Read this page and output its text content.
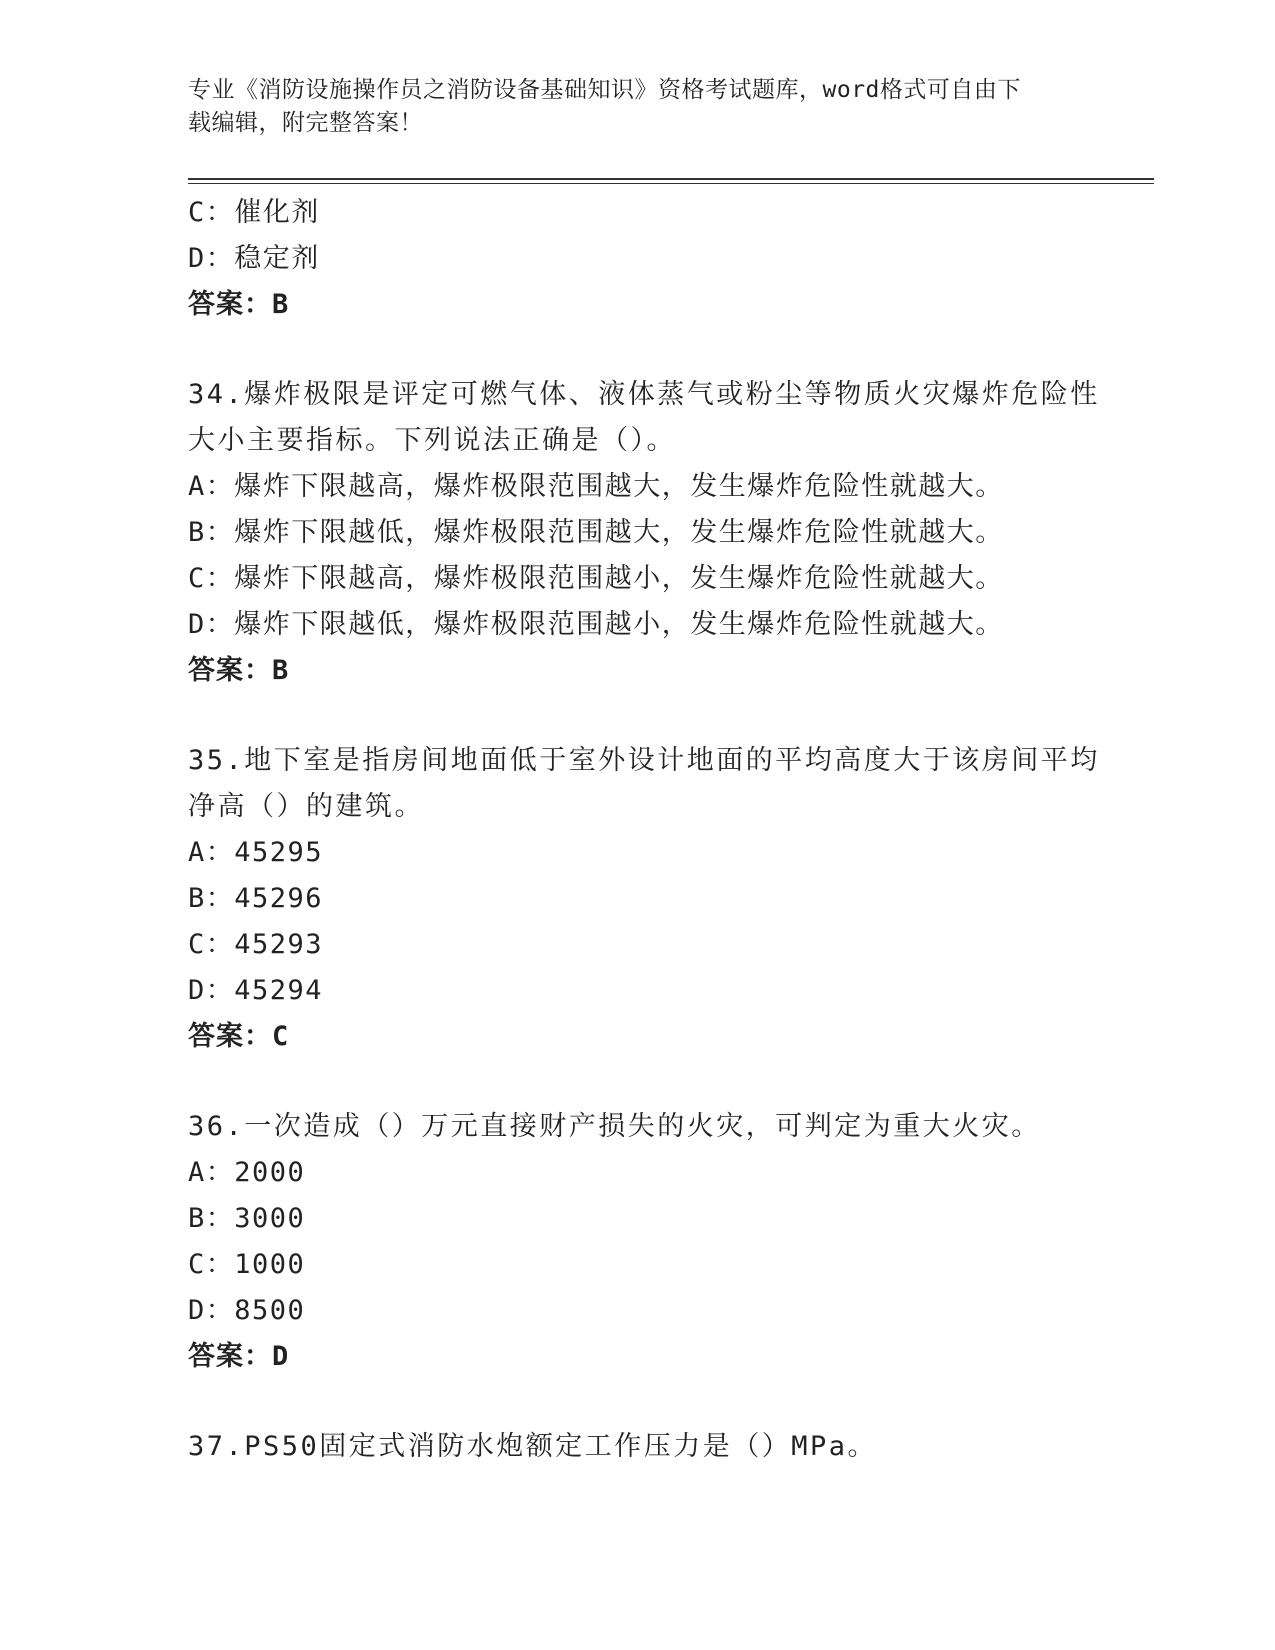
专业《消防设施操作员之消防设备基础知识》资格考试题库，word格式可自由下
载编辑，附完整答案！
C：催化剂
D：稳定剂
答案：B
34.爆炸极限是评定可燃气体、液体蒸气或粉尘等物质火灾爆炸危险性
大小主要指标。下列说法正确是（）。
A：爆炸下限越高，爆炸极限范围越大，发生爆炸危险性就越大。
B：爆炸下限越低，爆炸极限范围越大，发生爆炸危险性就越大。
C：爆炸下限越高，爆炸极限范围越小，发生爆炸危险性就越大。
D：爆炸下限越低，爆炸极限范围越小，发生爆炸危险性就越大。
答案：B
35.地下室是指房间地面低于室外设计地面的平均高度大于该房间平均
净高（）的建筑。
A：45295
B：45296
C：45293
D：45294
答案：C
36.一次造成（）万元直接财产损失的火灾，可判定为重大火灾。
A：2000
B：3000
C：1000
D：8500
答案：D
37.PS50固定式消防水炮额定工作压力是（）MPa。
